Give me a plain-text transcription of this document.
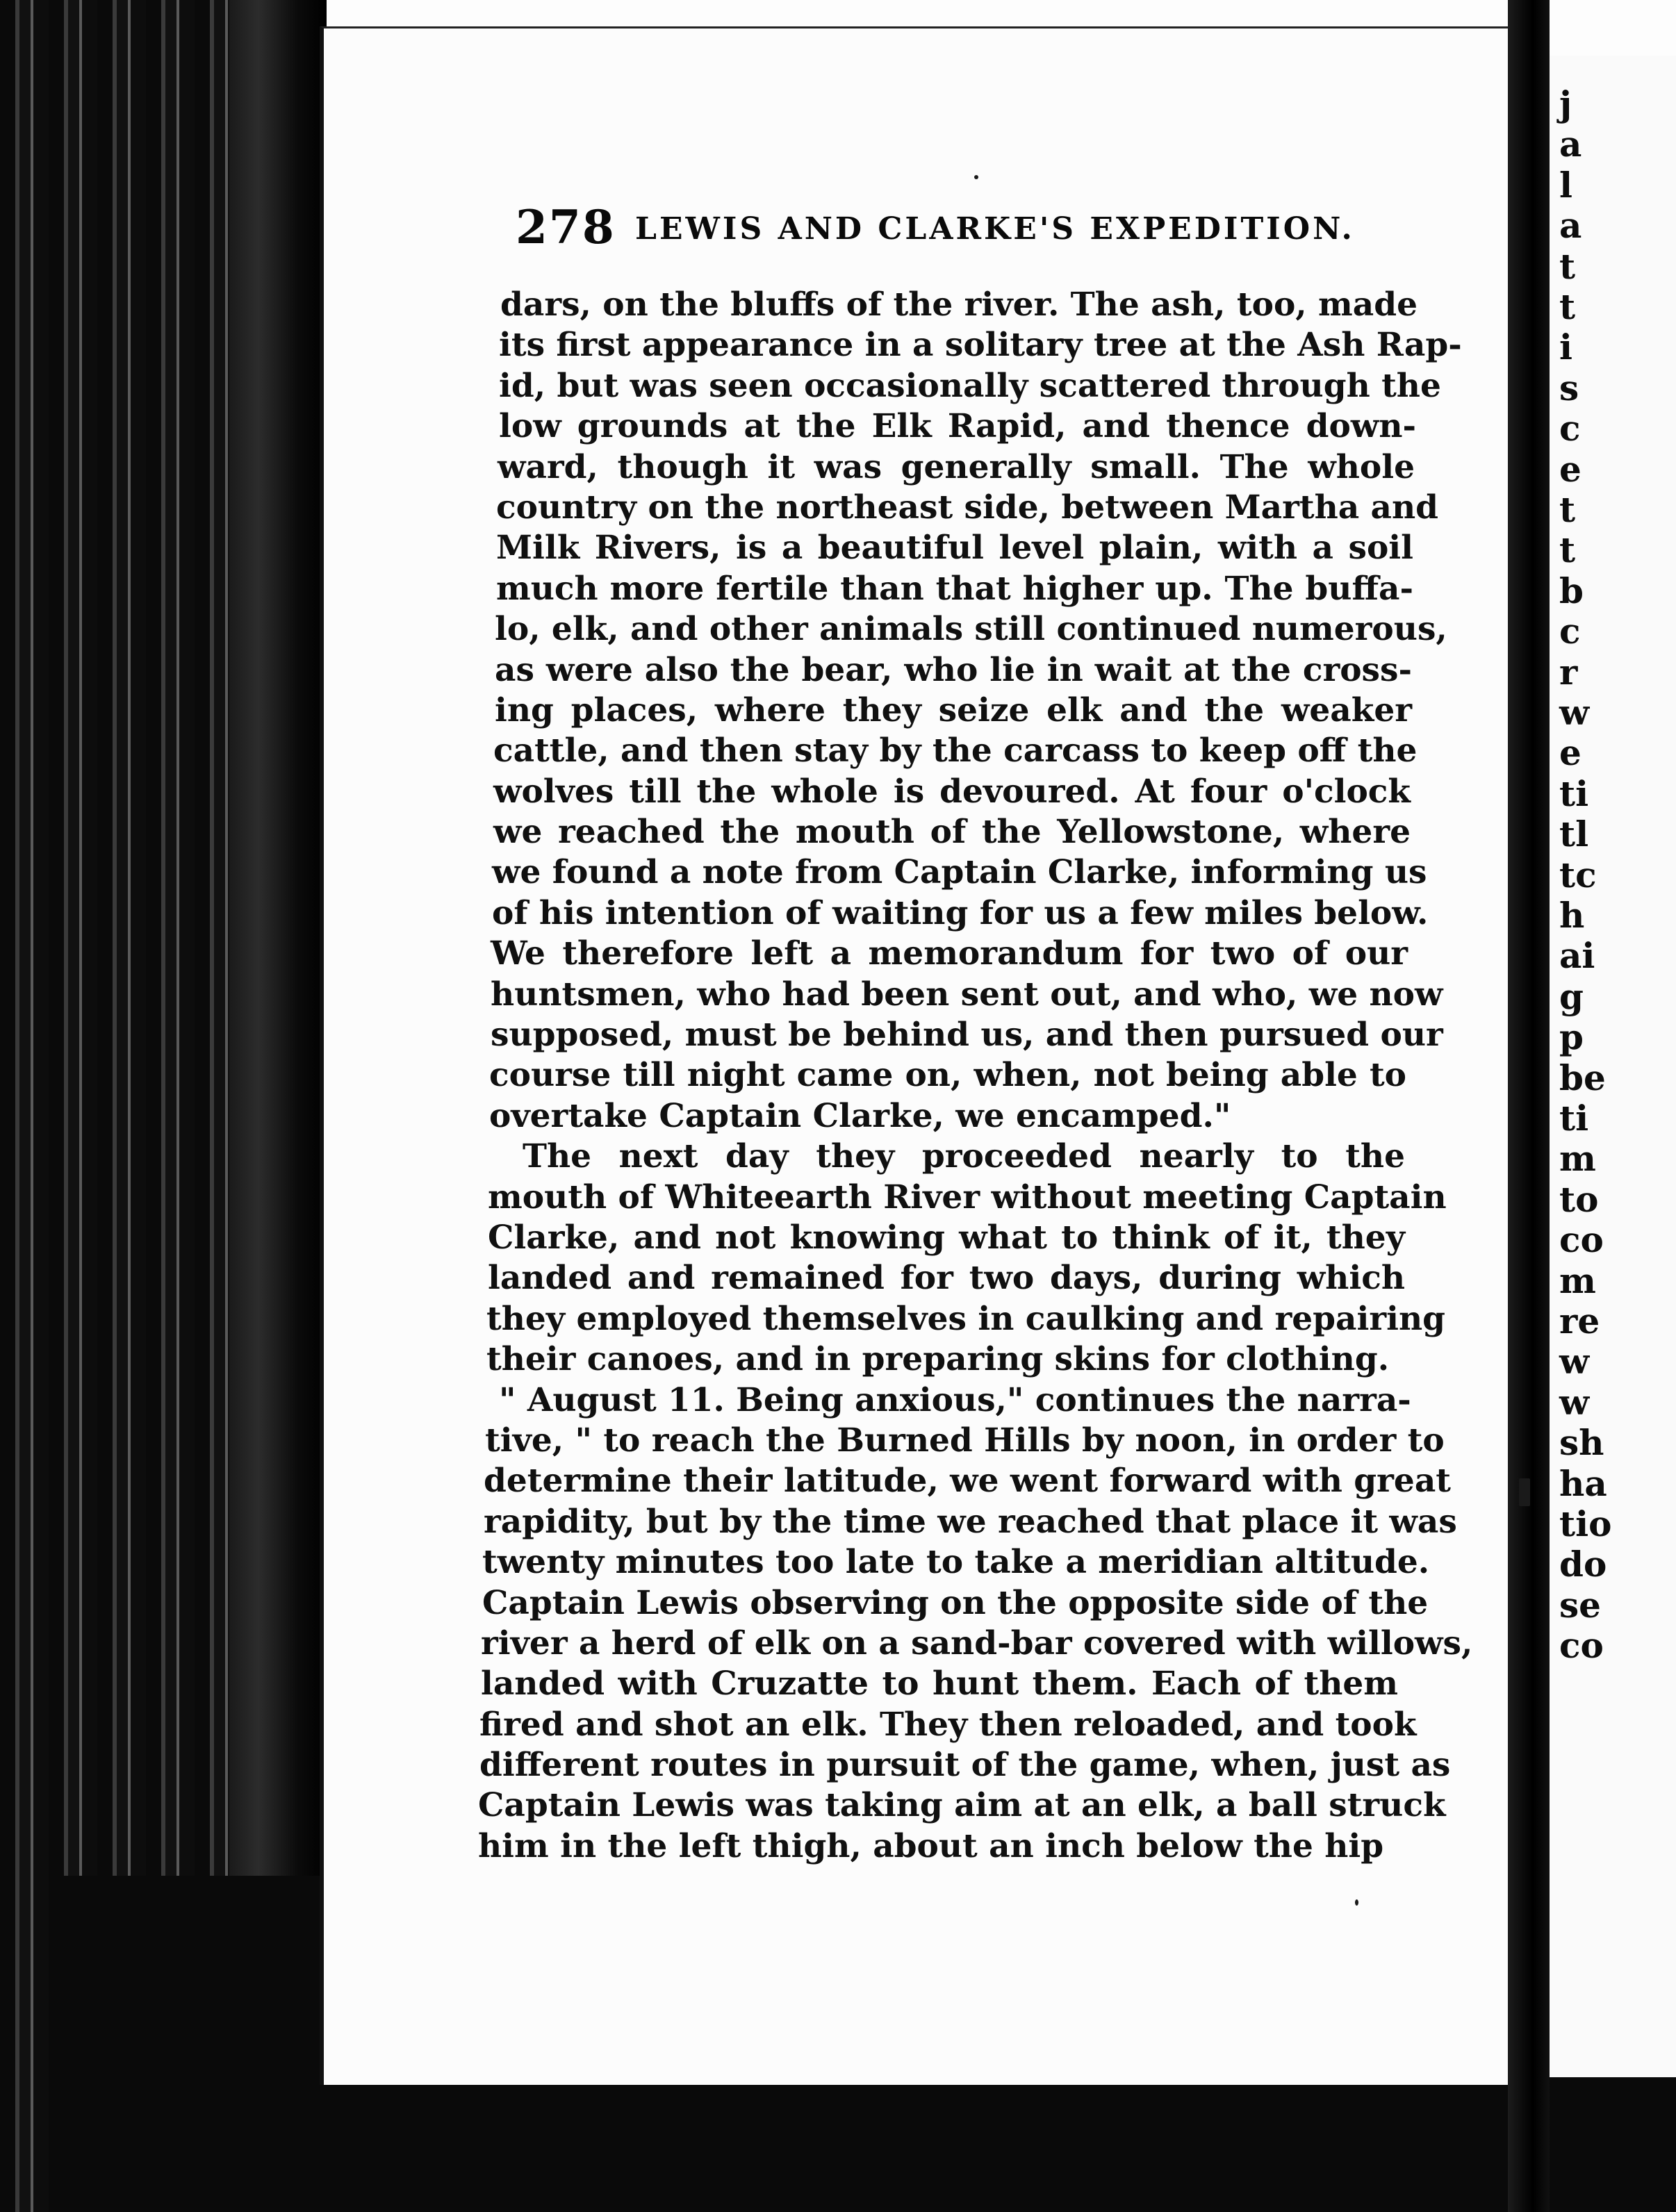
278 LEWIS AND CLARKE'S EXPEDITION.
dars, on the bluffs of the river. The ash, too, made
its first appearance in a solitary tree at the Ash Rap-
id, but was seen occasionally scattered through the
low grounds at the Elk Rapid, and thence down-
ward, though it was generally small. The whole
country on the northeast side, between Martha and
Milk Rivers, is a beautiful level plain, with a soil
much more fertile than that higher up. The buffa-
lo, elk, and other animals still continued numerous,
as were also the bear, who lie in wait at the cross-
ing places, where they seize elk and the weaker
cattle, and then stay by the carcass to keep off the
wolves till the whole is devoured. At four o'clock
we reached the mouth of the Yellowstone, where
we found a note from Captain Clarke, informing us
of his intention of waiting for us a few miles below.
We therefore left a memorandum for two of our
huntsmen, who had been sent out, and who, we now
supposed, must be behind us, and then pursued our
course till night came on, when, not being able to
overtake Captain Clarke, we encamped."
The next day they proceeded nearly to the
mouth of Whiteearth River without meeting Captain
Clarke, and not knowing what to think of it, they
landed and remained for two days, during which
they employed themselves in caulking and repairing
their canoes, and in preparing skins for clothing.
" August 11. Being anxious," continues the narra-
tive, " to reach the Burned Hills by noon, in order to
determine their latitude, we went forward with great
rapidity, but by the time we reached that place it was
twenty minutes too late to take a meridian altitude.
Captain Lewis observing on the opposite side of the
river a herd of elk on a sand-bar covered with willows,
landed with Cruzatte to hunt them. Each of them
fired and shot an elk. They then reloaded, and took
different routes in pursuit of the game, when, just as
Captain Lewis was taking aim at an elk, a ball struck
him in the left thigh, about an inch below the hip
j
a
l
a
t
t
i
s
c
e
t
t
b
c
r
w
e
ti
tl
tc
h
ai
g
p
be
ti
m
to
co
m
re
w
w
sh
ha
tio
do
se
co
